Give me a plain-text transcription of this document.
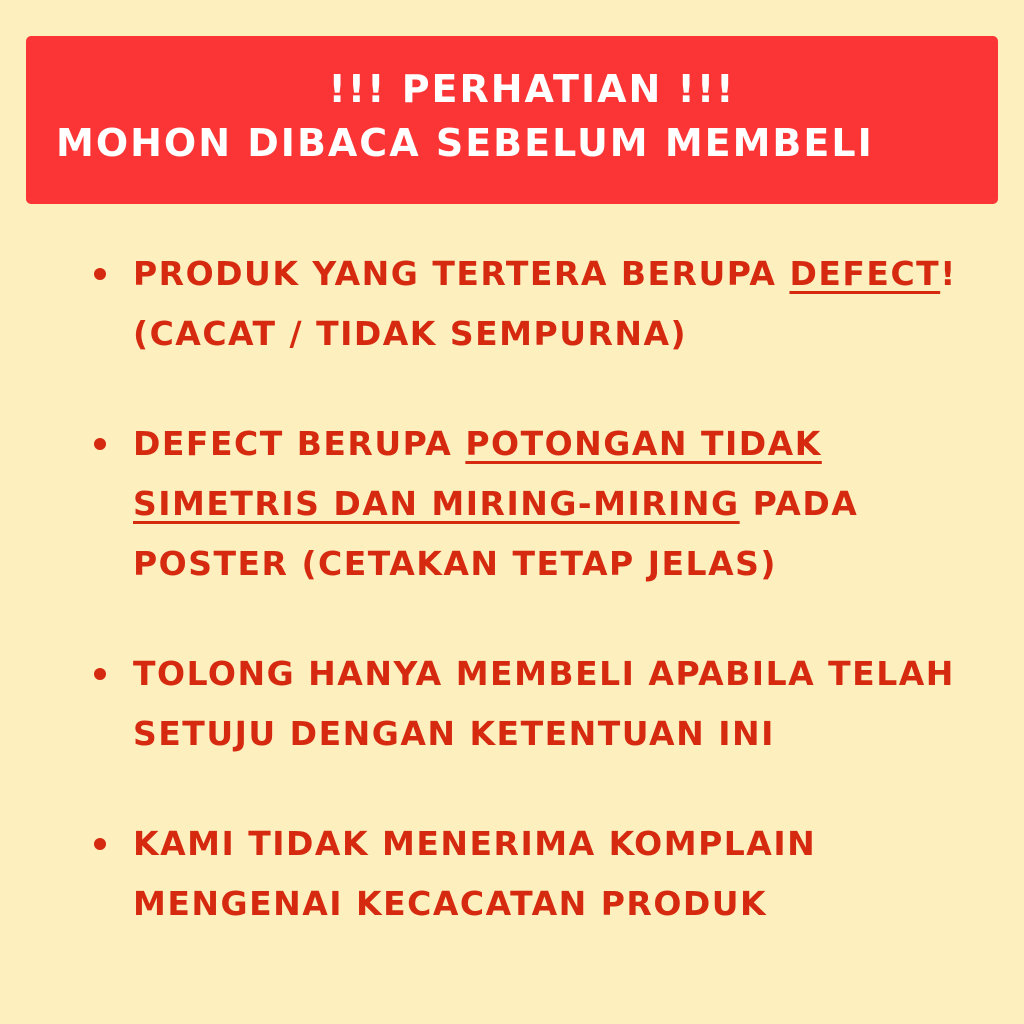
!!! PERHATIAN !!!
MOHON DIBACA SEBELUM MEMBELI
PRODUK YANG TERTERA BERUPA DEFECT! (CACAT / TIDAK SEMPURNA)
DEFECT BERUPA POTONGAN TIDAK SIMETRIS DAN MIRING-MIRING PADA POSTER (CETAKAN TETAP JELAS)
TOLONG HANYA MEMBELI APABILA TELAH SETUJU DENGAN KETENTUAN INI
KAMI TIDAK MENERIMA KOMPLAIN MENGENAI KECACATAN PRODUK
